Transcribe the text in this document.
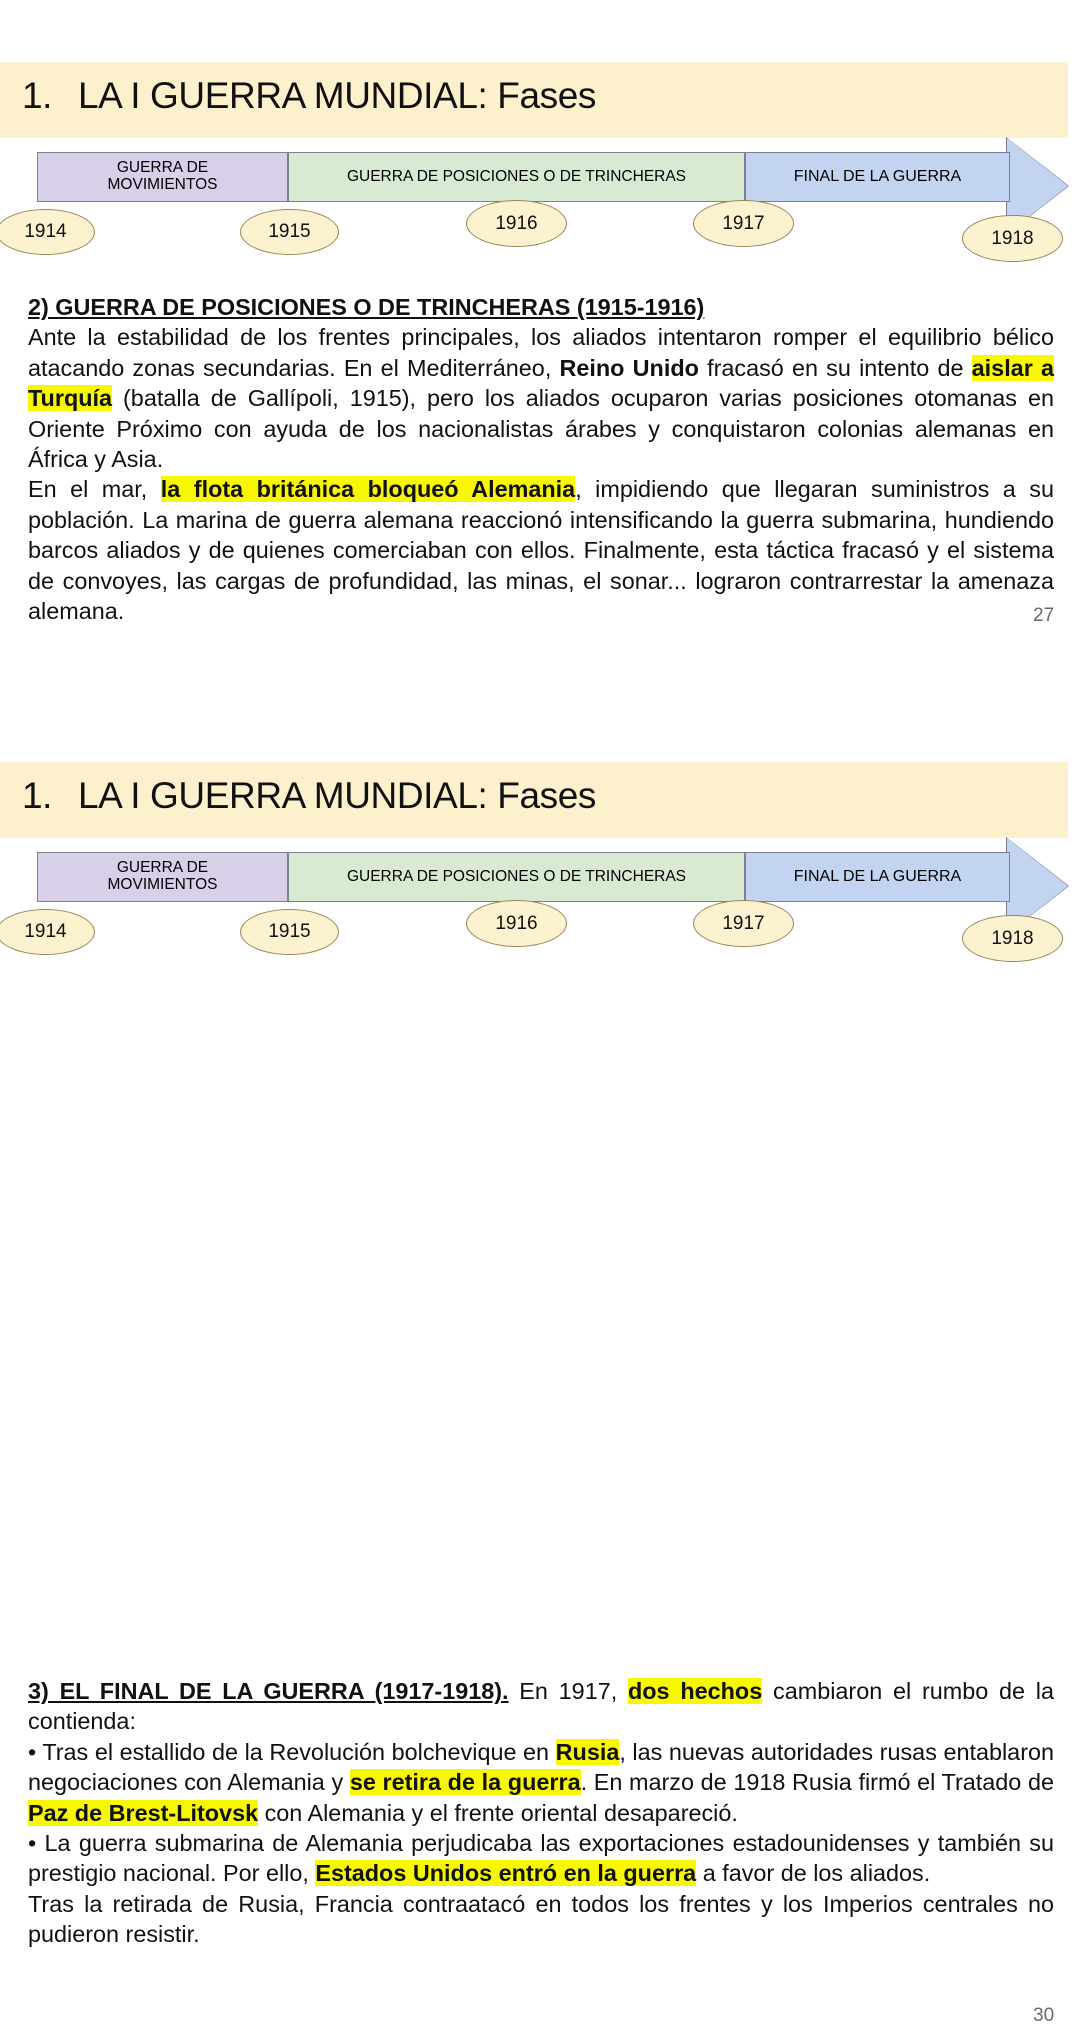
1. LA I GUERRA MUNDIAL: Fases
GUERRA DE
MOVIMIENTOS	GUERRA DE POSICIONES O DE TRINCHERAS	FINAL DE LA GUERRA
1914	1915	1916	1917
1918

2) GUERRA DE POSICIONES O DE TRINCHERAS (1915-1916)

Ante la estabilidad de los frentes principales, los aliados intentaron romper el equilibrio bélico atacando zonas secundarias. En el Mediterráneo, Reino Unido fracasó en su intento de aislar a Turquía (batalla de Gallípoli, 1915), pero los aliados ocuparon varias posiciones otomanas en Oriente Próximo con ayuda de los nacionalistas árabes y conquistaron colonias alemanas en África y Asia.

En el mar, la flota británica bloqueó Alemania, impidiendo que llegaran suministros a su población. La marina de guerra alemana reaccionó intensificando la guerra submarina, hundiendo barcos aliados y de quienes comerciaban con ellos. Finalmente, esta táctica fracasó y el sistema de convoyes, las cargas de profundidad, las minas, el sonar... lograron contrarrestar la amenaza alemana.	27
1. LA I GUERRA MUNDIAL: Fases
GUERRA DE
MOVIMIENTOS	GUERRA DE POSICIONES O DE TRINCHERAS	FINAL DE LA GUERRA
1914	1915	1916	1917
1918

3) EL FINAL DE LA GUERRA (1917-1918). En 1917, dos hechos cambiaron el rumbo de la contienda:

• Tras el estallido de la Revolución bolchevique en Rusia, las nuevas autoridades rusas entablaron negociaciones con Alemania y se retira de la guerra. En marzo de 1918 Rusia firmó el Tratado de Paz de Brest-Litovsk con Alemania y el frente oriental desapareció.

• La guerra submarina de Alemania perjudicaba las exportaciones estadounidenses y también su prestigio nacional. Por ello, Estados Unidos entró en la guerra a favor de los aliados.

Tras la retirada de Rusia, Francia contraatacó en todos los frentes y los Imperios centrales no pudieron resistir.

30
